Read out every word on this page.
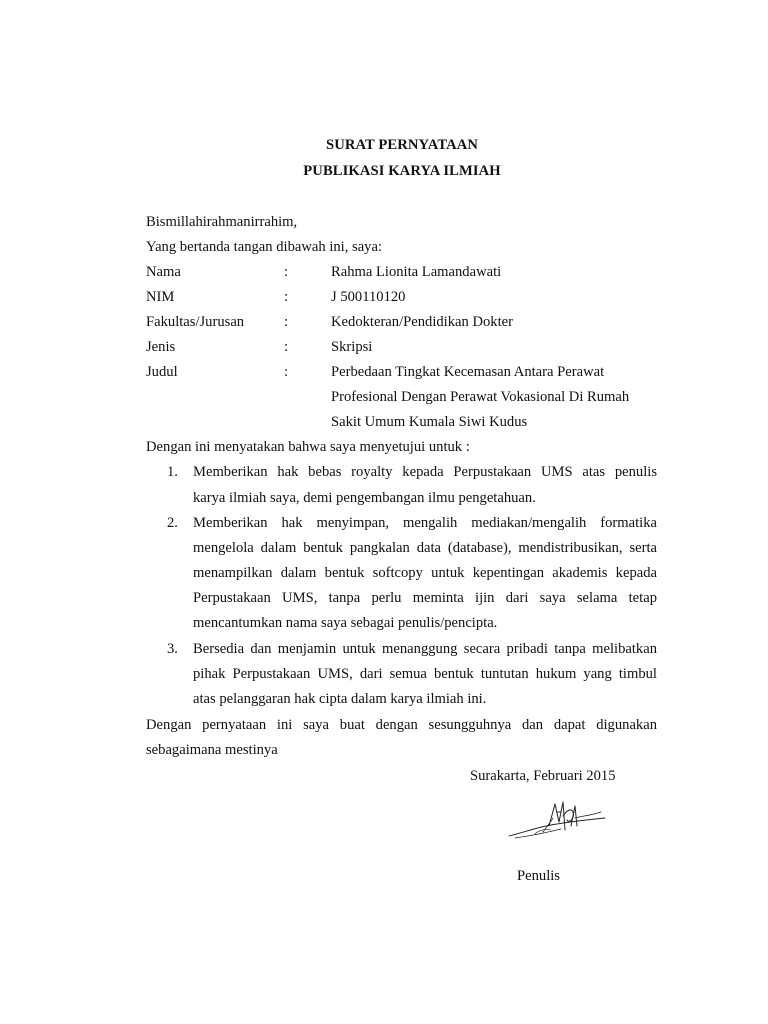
SURAT PERNYATAAN
PUBLIKASI KARYA ILMIAH
Bismillahirahmanirrahim,
Yang bertanda tangan dibawah ini, saya:
Nama	:	Rahma Lionita Lamandawati
NIM	:	J 500110120
Fakultas/Jurusan	:	Kedokteran/Pendidikan Dokter
Jenis	:	Skripsi
Judul	:	Perbedaan Tingkat Kecemasan Antara Perawat
Profesional Dengan Perawat Vokasional Di Rumah
Sakit Umum Kumala Siwi Kudus
Dengan ini menyatakan bahwa saya menyetujui untuk :
1. Memberikan hak bebas royalty kepada Perpustakaan UMS atas penulis
karya ilmiah saya, demi pengembangan ilmu pengetahuan.
2. Memberikan hak menyimpan, mengalih mediakan/mengalih formatika
mengelola dalam bentuk pangkalan data (database), mendistribusikan, serta
menampilkan dalam bentuk softcopy untuk kepentingan akademis kepada
Perpustakaan UMS, tanpa perlu meminta ijin dari saya selama tetap
mencantumkan nama saya sebagai penulis/pencipta.
3. Bersedia dan menjamin untuk menanggung secara pribadi tanpa melibatkan
pihak Perpustakaan UMS, dari semua bentuk tuntutan hukum yang timbul
atas pelanggaran hak cipta dalam karya ilmiah ini.
Dengan pernyataan ini saya buat dengan sesungguhnya dan dapat digunakan
sebagaimana mestinya
Surakarta, Februari 2015
Penulis
